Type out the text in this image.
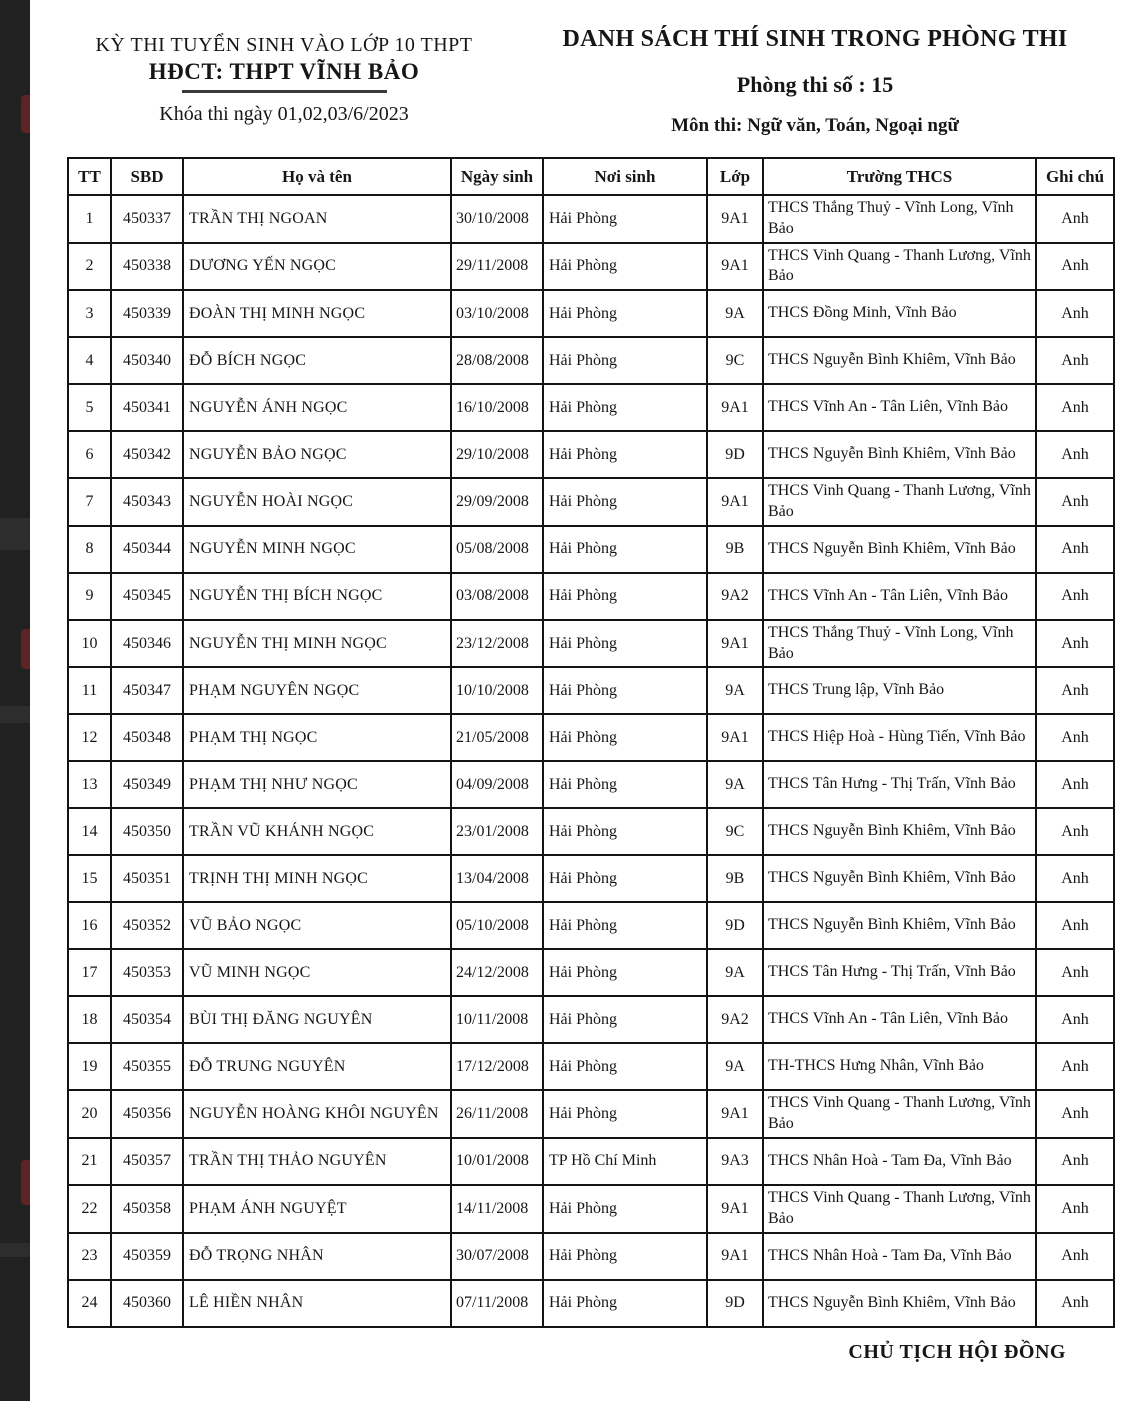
KỲ THI TUYỂN SINH VÀO LỚP 10 THPT
HĐCT: THPT VĨNH BẢO
Khóa thi ngày 01,02,03/6/2023
DANH SÁCH THÍ SINH TRONG PHÒNG THI
Phòng thi số : 15
Môn thi: Ngữ văn, Toán, Ngoại ngữ
TT	SBD	Họ và tên	Ngày sinh	Nơi sinh	Lớp	Trường THCS	Ghi chú
1	450337	TRẦN THỊ NGOAN	30/10/2008	Hải Phòng	9A1	THCS Thắng Thuỷ - Vĩnh Long, Vĩnh Bảo	Anh
2	450338	DƯƠNG YẾN NGỌC	29/11/2008	Hải Phòng	9A1	THCS Vinh Quang - Thanh Lương, Vĩnh Bảo	Anh
3	450339	ĐOÀN THỊ MINH NGỌC	03/10/2008	Hải Phòng	9A	THCS Đồng Minh, Vĩnh Bảo	Anh
4	450340	ĐỖ BÍCH NGỌC	28/08/2008	Hải Phòng	9C	THCS Nguyễn Bình Khiêm, Vĩnh Bảo	Anh
5	450341	NGUYỄN ÁNH NGỌC	16/10/2008	Hải Phòng	9A1	THCS Vĩnh An - Tân Liên, Vĩnh Bảo	Anh
6	450342	NGUYỄN BẢO NGỌC	29/10/2008	Hải Phòng	9D	THCS Nguyễn Bình Khiêm, Vĩnh Bảo	Anh
7	450343	NGUYỄN HOÀI NGỌC	29/09/2008	Hải Phòng	9A1	THCS Vinh Quang - Thanh Lương, Vĩnh Bảo	Anh
8	450344	NGUYỄN MINH NGỌC	05/08/2008	Hải Phòng	9B	THCS Nguyễn Bình Khiêm, Vĩnh Bảo	Anh
9	450345	NGUYỄN THỊ BÍCH NGỌC	03/08/2008	Hải Phòng	9A2	THCS Vĩnh An - Tân Liên, Vĩnh Bảo	Anh
10	450346	NGUYỄN THỊ MINH NGỌC	23/12/2008	Hải Phòng	9A1	THCS Thắng Thuỷ - Vĩnh Long, Vĩnh Bảo	Anh
11	450347	PHẠM NGUYÊN NGỌC	10/10/2008	Hải Phòng	9A	THCS Trung lập, Vĩnh Bảo	Anh
12	450348	PHẠM THỊ NGỌC	21/05/2008	Hải Phòng	9A1	THCS Hiệp Hoà - Hùng Tiến, Vĩnh Bảo	Anh
13	450349	PHẠM THỊ NHƯ NGỌC	04/09/2008	Hải Phòng	9A	THCS Tân Hưng - Thị Trấn, Vĩnh Bảo	Anh
14	450350	TRẦN VŨ KHÁNH NGỌC	23/01/2008	Hải Phòng	9C	THCS Nguyễn Bình Khiêm, Vĩnh Bảo	Anh
15	450351	TRỊNH THỊ MINH NGỌC	13/04/2008	Hải Phòng	9B	THCS Nguyễn Bình Khiêm, Vĩnh Bảo	Anh
16	450352	VŨ BẢO NGỌC	05/10/2008	Hải Phòng	9D	THCS Nguyễn Bình Khiêm, Vĩnh Bảo	Anh
17	450353	VŨ MINH NGỌC	24/12/2008	Hải Phòng	9A	THCS Tân Hưng - Thị Trấn, Vĩnh Bảo	Anh
18	450354	BÙI THỊ ĐĂNG NGUYÊN	10/11/2008	Hải Phòng	9A2	THCS Vĩnh An - Tân Liên, Vĩnh Bảo	Anh
19	450355	ĐỖ TRUNG NGUYÊN	17/12/2008	Hải Phòng	9A	TH-THCS Hưng Nhân, Vĩnh Bảo	Anh
20	450356	NGUYỄN HOÀNG KHÔI NGUYÊN	26/11/2008	Hải Phòng	9A1	THCS Vinh Quang - Thanh Lương, Vĩnh Bảo	Anh
21	450357	TRẦN THỊ THẢO NGUYÊN	10/01/2008	TP Hồ Chí Minh	9A3	THCS Nhân Hoà - Tam Đa, Vĩnh Bảo	Anh
22	450358	PHẠM ÁNH NGUYỆT	14/11/2008	Hải Phòng	9A1	THCS Vinh Quang - Thanh Lương, Vĩnh Bảo	Anh
23	450359	ĐỖ TRỌNG NHÂN	30/07/2008	Hải Phòng	9A1	THCS Nhân Hoà - Tam Đa, Vĩnh Bảo	Anh
24	450360	LÊ HIỀN NHÂN	07/11/2008	Hải Phòng	9D	THCS Nguyễn Bình Khiêm, Vĩnh Bảo	Anh
CHỦ TỊCH HỘI ĐỒNG
